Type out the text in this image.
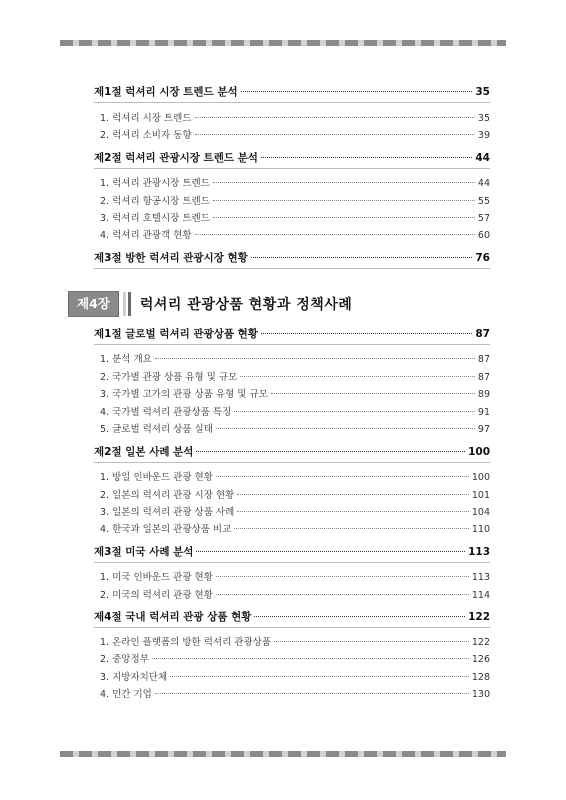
제1절 럭셔리 시장 트렌드 분석	35
1. 럭셔리 시장 트렌드	35
2. 럭셔리 소비자 동향	39
제2절 럭셔리 관광시장 트렌드 분석	44
1. 럭셔리 관광시장 트렌드	44
2. 럭셔리 항공시장 트렌드	55
3. 럭셔리 호텔시장 트렌드	57
4. 럭셔리 관광객 현황	60
제3절 방한 럭셔리 관광시장 현황	76
제4장	럭셔리 관광상품 현황과 정책사례
제1절 글로벌 럭셔리 관광상품 현황	87
1. 분석 개요	87
2. 국가별 관광 상품 유형 및 규모	87
3. 국가별 고가의 관광 상품 유형 및 규모	89
4. 국가별 럭셔리 관광상품 특징	91
5. 글로벌 럭셔리 상품 실태	97
제2절 일본 사례 분석	100
1. 방일 인바운드 관광 현황	100
2. 일본의 럭셔리 관광 시장 현황	101
3. 일본의 럭셔리 관광 상품 사례	104
4. 한국과 일본의 관광상품 비교	110
제3절 미국 사례 분석	113
1. 미국 인바운드 관광 현황	113
2. 미국의 럭셔리 관광 현황	114
제4절 국내 럭셔리 관광 상품 현황	122
1. 온라인 플랫폼의 방한 럭셔리 관광상품	122
2. 중앙정부	126
3. 지방자치단체	128
4. 민간 기업	130
